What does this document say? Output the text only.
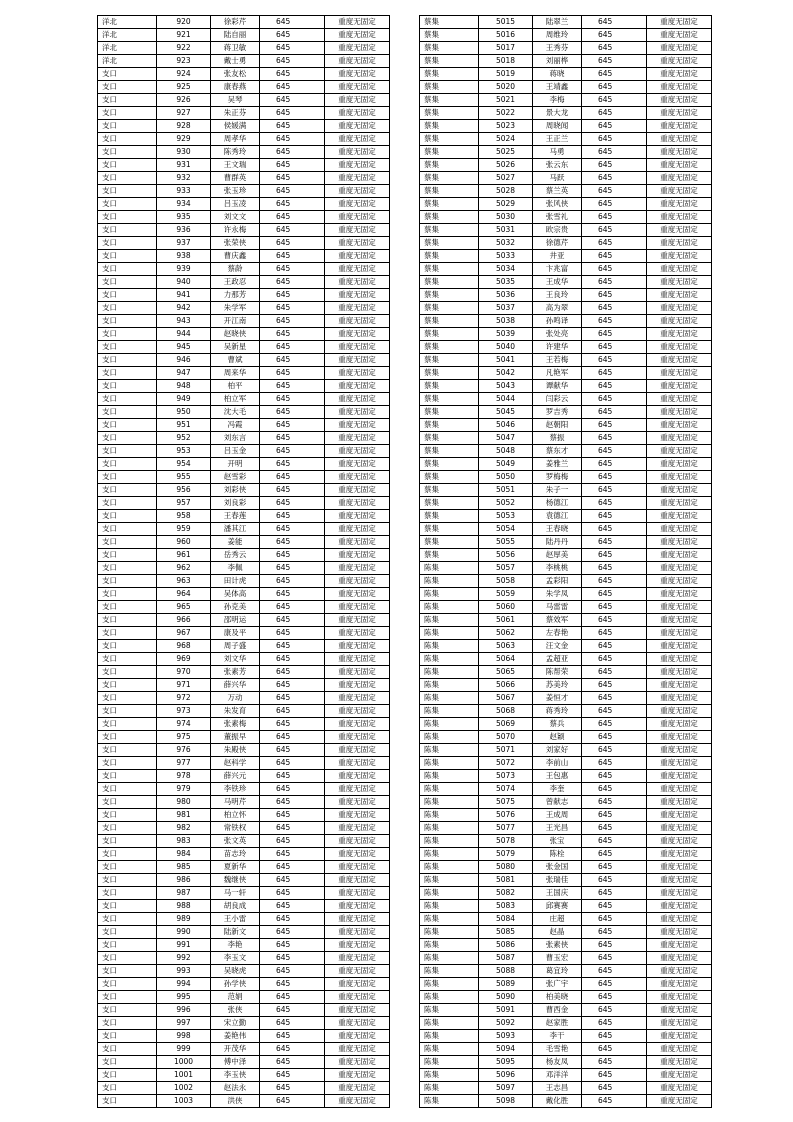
洋北	920	徐彩芹	645	重度无固定
洋北	921	陆自丽	645	重度无固定
洋北	922	蒋卫敏	645	重度无固定
洋北	923	戴士勇	645	重度无固定
支口	924	张友松	645	重度无固定
支口	925	康春燕	645	重度无固定
支口	926	吴琴	645	重度无固定
支口	927	朱正芬	645	重度无固定
支口	928	侯媛满	645	重度无固定
支口	929	周孝华	645	重度无固定
支口	930	陈秀玲	645	重度无固定
支口	931	王文瑞	645	重度无固定
支口	932	曹群英	645	重度无固定
支口	933	张玉珍	645	重度无固定
支口	934	吕玉凌	645	重度无固定
支口	935	刘文文	645	重度无固定
支口	936	许永梅	645	重度无固定
支口	937	张荣侠	645	重度无固定
支口	938	曹庆鑫	645	重度无固定
支口	939	蔡龄	645	重度无固定
支口	940	王政忍	645	重度无固定
支口	941	力那芳	645	重度无固定
支口	942	朱学军	645	重度无固定
支口	943	开江南	645	重度无固定
支口	944	赵晓侠	645	重度无固定
支口	945	吴新星	645	重度无固定
支口	946	曹斌	645	重度无固定
支口	947	周来华	645	重度无固定
支口	948	柏平	645	重度无固定
支口	949	柏立军	645	重度无固定
支口	950	沈大毛	645	重度无固定
支口	951	冯霞	645	重度无固定
支口	952	刘东言	645	重度无固定
支口	953	吕玉金	645	重度无固定
支口	954	开明	645	重度无固定
支口	955	赵雪彩	645	重度无固定
支口	956	刘彩侠	645	重度无固定
支口	957	刘良彩	645	重度无固定
支口	958	王春莲	645	重度无固定
支口	959	潘其江	645	重度无固定
支口	960	姜能	645	重度无固定
支口	961	岳秀云	645	重度无固定
支口	962	李佩	645	重度无固定
支口	963	田计虎	645	重度无固定
支口	964	吴体高	645	重度无固定
支口	965	孙克美	645	重度无固定
支口	966	邵明运	645	重度无固定
支口	967	康及平	645	重度无固定
支口	968	周子盛	645	重度无固定
支口	969	刘文华	645	重度无固定
支口	970	张素芳	645	重度无固定
支口	971	薛兴华	645	重度无固定
支口	972	万动	645	重度无固定
支口	973	朱发育	645	重度无固定
支口	974	张素梅	645	重度无固定
支口	975	董振早	645	重度无固定
支口	976	朱殿侠	645	重度无固定
支口	977	赵科学	645	重度无固定
支口	978	薛兴元	645	重度无固定
支口	979	李铁珍	645	重度无固定
支口	980	马明芹	645	重度无固定
支口	981	柏立怀	645	重度无固定
支口	982	常铁权	645	重度无固定
支口	983	张文英	645	重度无固定
支口	984	苗志玲	645	重度无固定
支口	985	夏新华	645	重度无固定
支口	986	魏继侠	645	重度无固定
支口	987	马一轩	645	重度无固定
支口	988	胡良成	645	重度无固定
支口	989	王小雷	645	重度无固定
支口	990	陆新文	645	重度无固定
支口	991	李艳	645	重度无固定
支口	992	李玉文	645	重度无固定
支口	993	吴晓虎	645	重度无固定
支口	994	孙学侠	645	重度无固定
支口	995	范娟	645	重度无固定
支口	996	张侠	645	重度无固定
支口	997	宋立勤	645	重度无固定
支口	998	姜艳伟	645	重度无固定
支口	999	开茂华	645	重度无固定
支口	1000	傅中泽	645	重度无固定
支口	1001	李玉侠	645	重度无固定
支口	1002	赵法永	645	重度无固定
支口	1003	洪侠	645	重度无固定
蔡集	5015	陆翠兰	645	重度无固定
蔡集	5016	周维玲	645	重度无固定
蔡集	5017	王秀芬	645	重度无固定
蔡集	5018	刘丽桦	645	重度无固定
蔡集	5019	蒋晓	645	重度无固定
蔡集	5020	王靖鑫	645	重度无固定
蔡集	5021	李梅	645	重度无固定
蔡集	5022	景大龙	645	重度无固定
蔡集	5023	周晓闻	645	重度无固定
蔡集	5024	王正兰	645	重度无固定
蔡集	5025	马勇	645	重度无固定
蔡集	5026	张云东	645	重度无固定
蔡集	5027	马跃	645	重度无固定
蔡集	5028	蔡兰英	645	重度无固定
蔡集	5029	张风侠	645	重度无固定
蔡集	5030	张雪礼	645	重度无固定
蔡集	5031	欧宗贵	645	重度无固定
蔡集	5032	徐德芹	645	重度无固定
蔡集	5033	井亚	645	重度无固定
蔡集	5034	卞兆富	645	重度无固定
蔡集	5035	王成华	645	重度无固定
蔡集	5036	王良玲	645	重度无固定
蔡集	5037	高为翠	645	重度无固定
蔡集	5038	孙鸣译	645	重度无固定
蔡集	5039	张处亮	645	重度无固定
蔡集	5040	许建华	645	重度无固定
蔡集	5041	王若梅	645	重度无固定
蔡集	5042	凡艳军	645	重度无固定
蔡集	5043	谭献华	645	重度无固定
蔡集	5044	闫彩云	645	重度无固定
蔡集	5045	罗吉秀	645	重度无固定
蔡集	5046	赵朝阳	645	重度无固定
蔡集	5047	蔡振	645	重度无固定
蔡集	5048	蔡东才	645	重度无固定
蔡集	5049	姜雅兰	645	重度无固定
蔡集	5050	罗梅梅	645	重度无固定
蔡集	5051	朱子一	645	重度无固定
蔡集	5052	杨德江	645	重度无固定
蔡集	5053	袁德江	645	重度无固定
蔡集	5054	王春晓	645	重度无固定
蔡集	5055	陆丹丹	645	重度无固定
蔡集	5056	赵厚美	645	重度无固定
陈集	5057	李桃桃	645	重度无固定
陈集	5058	孟彩阳	645	重度无固定
陈集	5059	朱学凤	645	重度无固定
陈集	5060	马雷雷	645	重度无固定
陈集	5061	蔡效军	645	重度无固定
陈集	5062	左春艳	645	重度无固定
陈集	5063	汪文金	645	重度无固定
陈集	5064	孟超亚	645	重度无固定
陈集	5065	陈帮荣	645	重度无固定
陈集	5066	苏美玲	645	重度无固定
陈集	5067	姜恒才	645	重度无固定
陈集	5068	蒋秀玲	645	重度无固定
陈集	5069	蔡兵	645	重度无固定
陈集	5070	赵颖	645	重度无固定
陈集	5071	刘家好	645	重度无固定
陈集	5072	李前山	645	重度无固定
陈集	5073	王包惠	645	重度无固定
陈集	5074	李奎	645	重度无固定
陈集	5075	曾献志	645	重度无固定
陈集	5076	王成周	645	重度无固定
陈集	5077	王光昌	645	重度无固定
陈集	5078	张宝	645	重度无固定
陈集	5079	陈栓	645	重度无固定
陈集	5080	张金国	645	重度无固定
陈集	5081	张瑞佳	645	重度无固定
陈集	5082	王国庆	645	重度无固定
陈集	5083	邱赛赛	645	重度无固定
陈集	5084	庄超	645	重度无固定
陈集	5085	赵晶	645	重度无固定
陈集	5086	张素侠	645	重度无固定
陈集	5087	曹玉宏	645	重度无固定
陈集	5088	葛宜玲	645	重度无固定
陈集	5089	张广宇	645	重度无固定
陈集	5090	柏美晓	645	重度无固定
陈集	5091	曹西金	645	重度无固定
陈集	5092	赵家胜	645	重度无固定
陈集	5093	李干	645	重度无固定
陈集	5094	毛雪艳	645	重度无固定
陈集	5095	杨友凤	645	重度无固定
陈集	5096	邓洋洋	645	重度无固定
陈集	5097	王志昌	645	重度无固定
陈集	5098	戴化胜	645	重度无固定
